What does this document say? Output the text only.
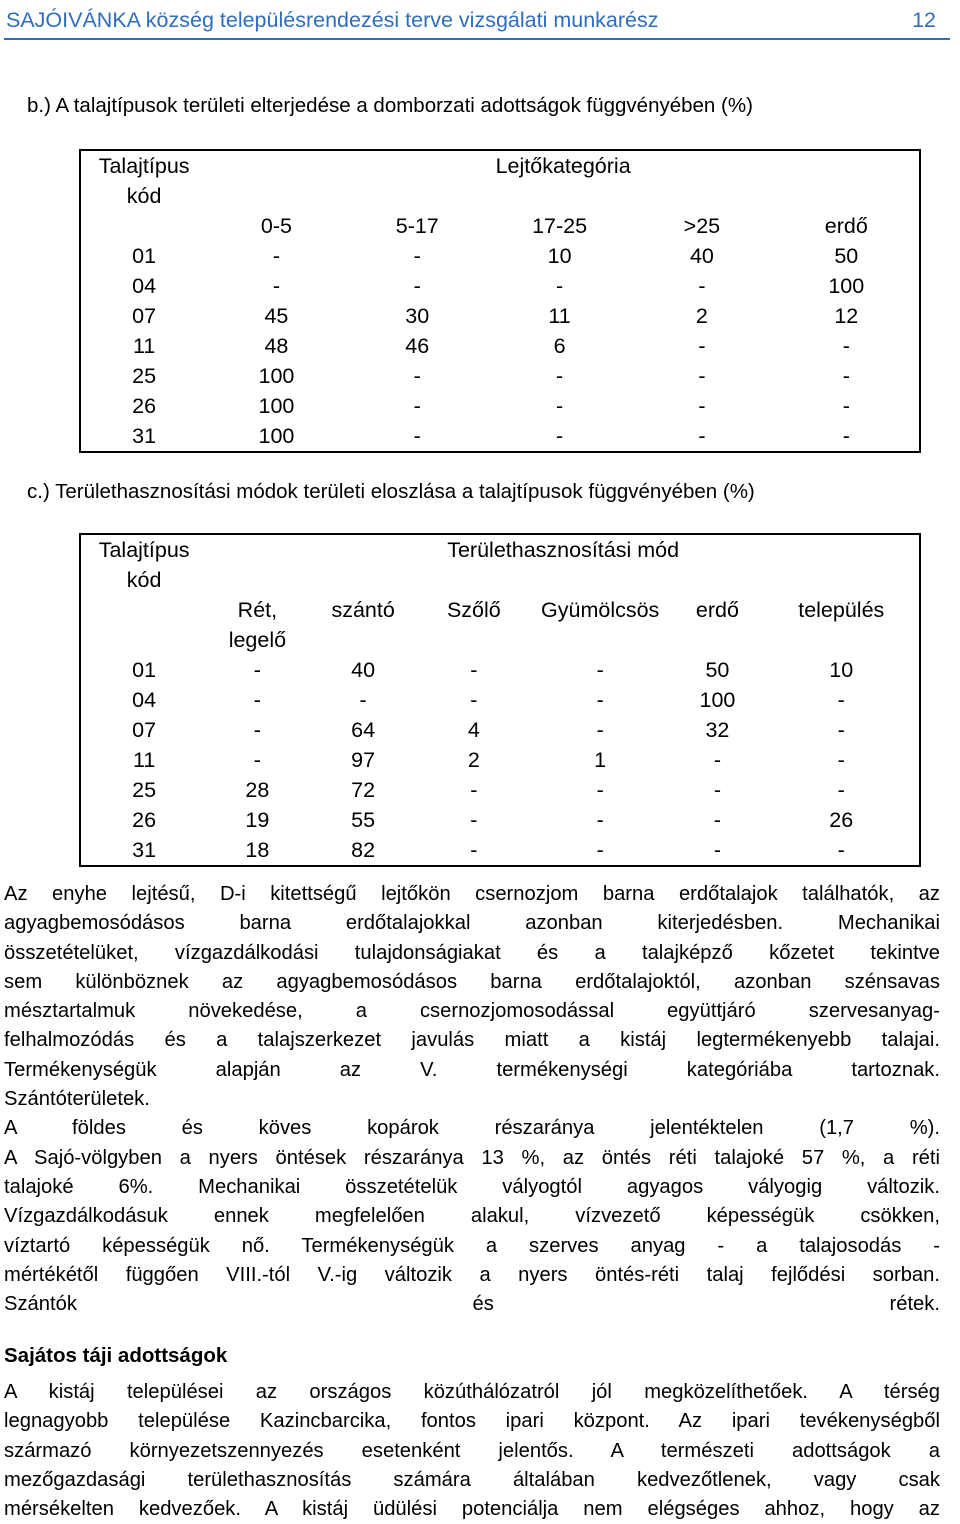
SAJÓIVÁNKA község településrendezési terve vizsgálati munkarész	12
b.) A talajtípusok területi elterjedése a domborzati adottságok függvényében (%)
Talajtípus	Lejtőkategória				
kód					
	0-5	5-17	17-25	>25	erdő
01	-	-	10	40	50
04	-	-	-	-	100
07	45	30	11	2	12
11	48	46	6	-	-
25	100	-	-	-	-
26	100	-	-	-	-
31	100	-	-	-	-
c.) Területhasznosítási módok területi eloszlása a talajtípusok függvényében (%)
Talajtípus	Területhasznosítási mód					
kód						
	Rét,	szántó	Szőlő	Gyümölcsös	erdő	település
	legelő					
01	-	40	-	-	50	10
04	-	-	-	-	100	-
07	-	64	4	-	32	-
11	-	97	2	1	-	-
25	28	72	-	-	-	-
26	19	55	-	-	-	26
31	18	82	-	-	-	-
Az enyhe lejtésű, D-i kitettségű lejtőkön csernozjom barna erdőtalajok találhatók, az
agyagbemosódásos barna erdőtalajokkal azonban kiterjedésben. Mechanikai
összetételüket, vízgazdálkodási tulajdonságiakat és a talajképző kőzetet tekintve
sem különböznek az agyagbemosódásos barna erdőtalajoktól, azonban szénsavas
mésztartalmuk növekedése, a csernozjomosodással együttjáró szervesanyag-
felhalmozódás és a talajszerkezet javulás miatt a kistáj legtermékenyebb talajai.
Termékenységük alapján az V. termékenységi kategóriába tartoznak.
Szántóterületek.
A földes és köves kopárok részaránya jelentéktelen (1,7 %).
A Sajó-völgyben a nyers öntések részaránya 13 %, az öntés réti talajoké 57 %, a réti
talajoké 6%. Mechanikai összetételük vályogtól agyagos vályogig változik.
Vízgazdálkodásuk ennek megfelelően alakul, vízvezető képességük csökken,
víztartó képességük nő. Termékenységük a szerves anyag - a talajosodás -
mértékétől függően VIII.-tól V.-ig változik a nyers öntés-réti talaj fejlődési sorban.
Szántók és rétek.
Sajátos táji adottságok
A kistáj települései az országos közúthálózatról jól megközelíthetőek. A térség
legnagyobb települése Kazincbarcika, fontos ipari központ. Az ipari tevékenységből
származó környezetszennyezés esetenként jelentős. A természeti adottságok a
mezőgazdasági területhasznosítás számára általában kedvezőtlenek, vagy csak
mérsékelten kedvezőek. A kistáj üdülési potenciálja nem elégséges ahhoz, hogy az
